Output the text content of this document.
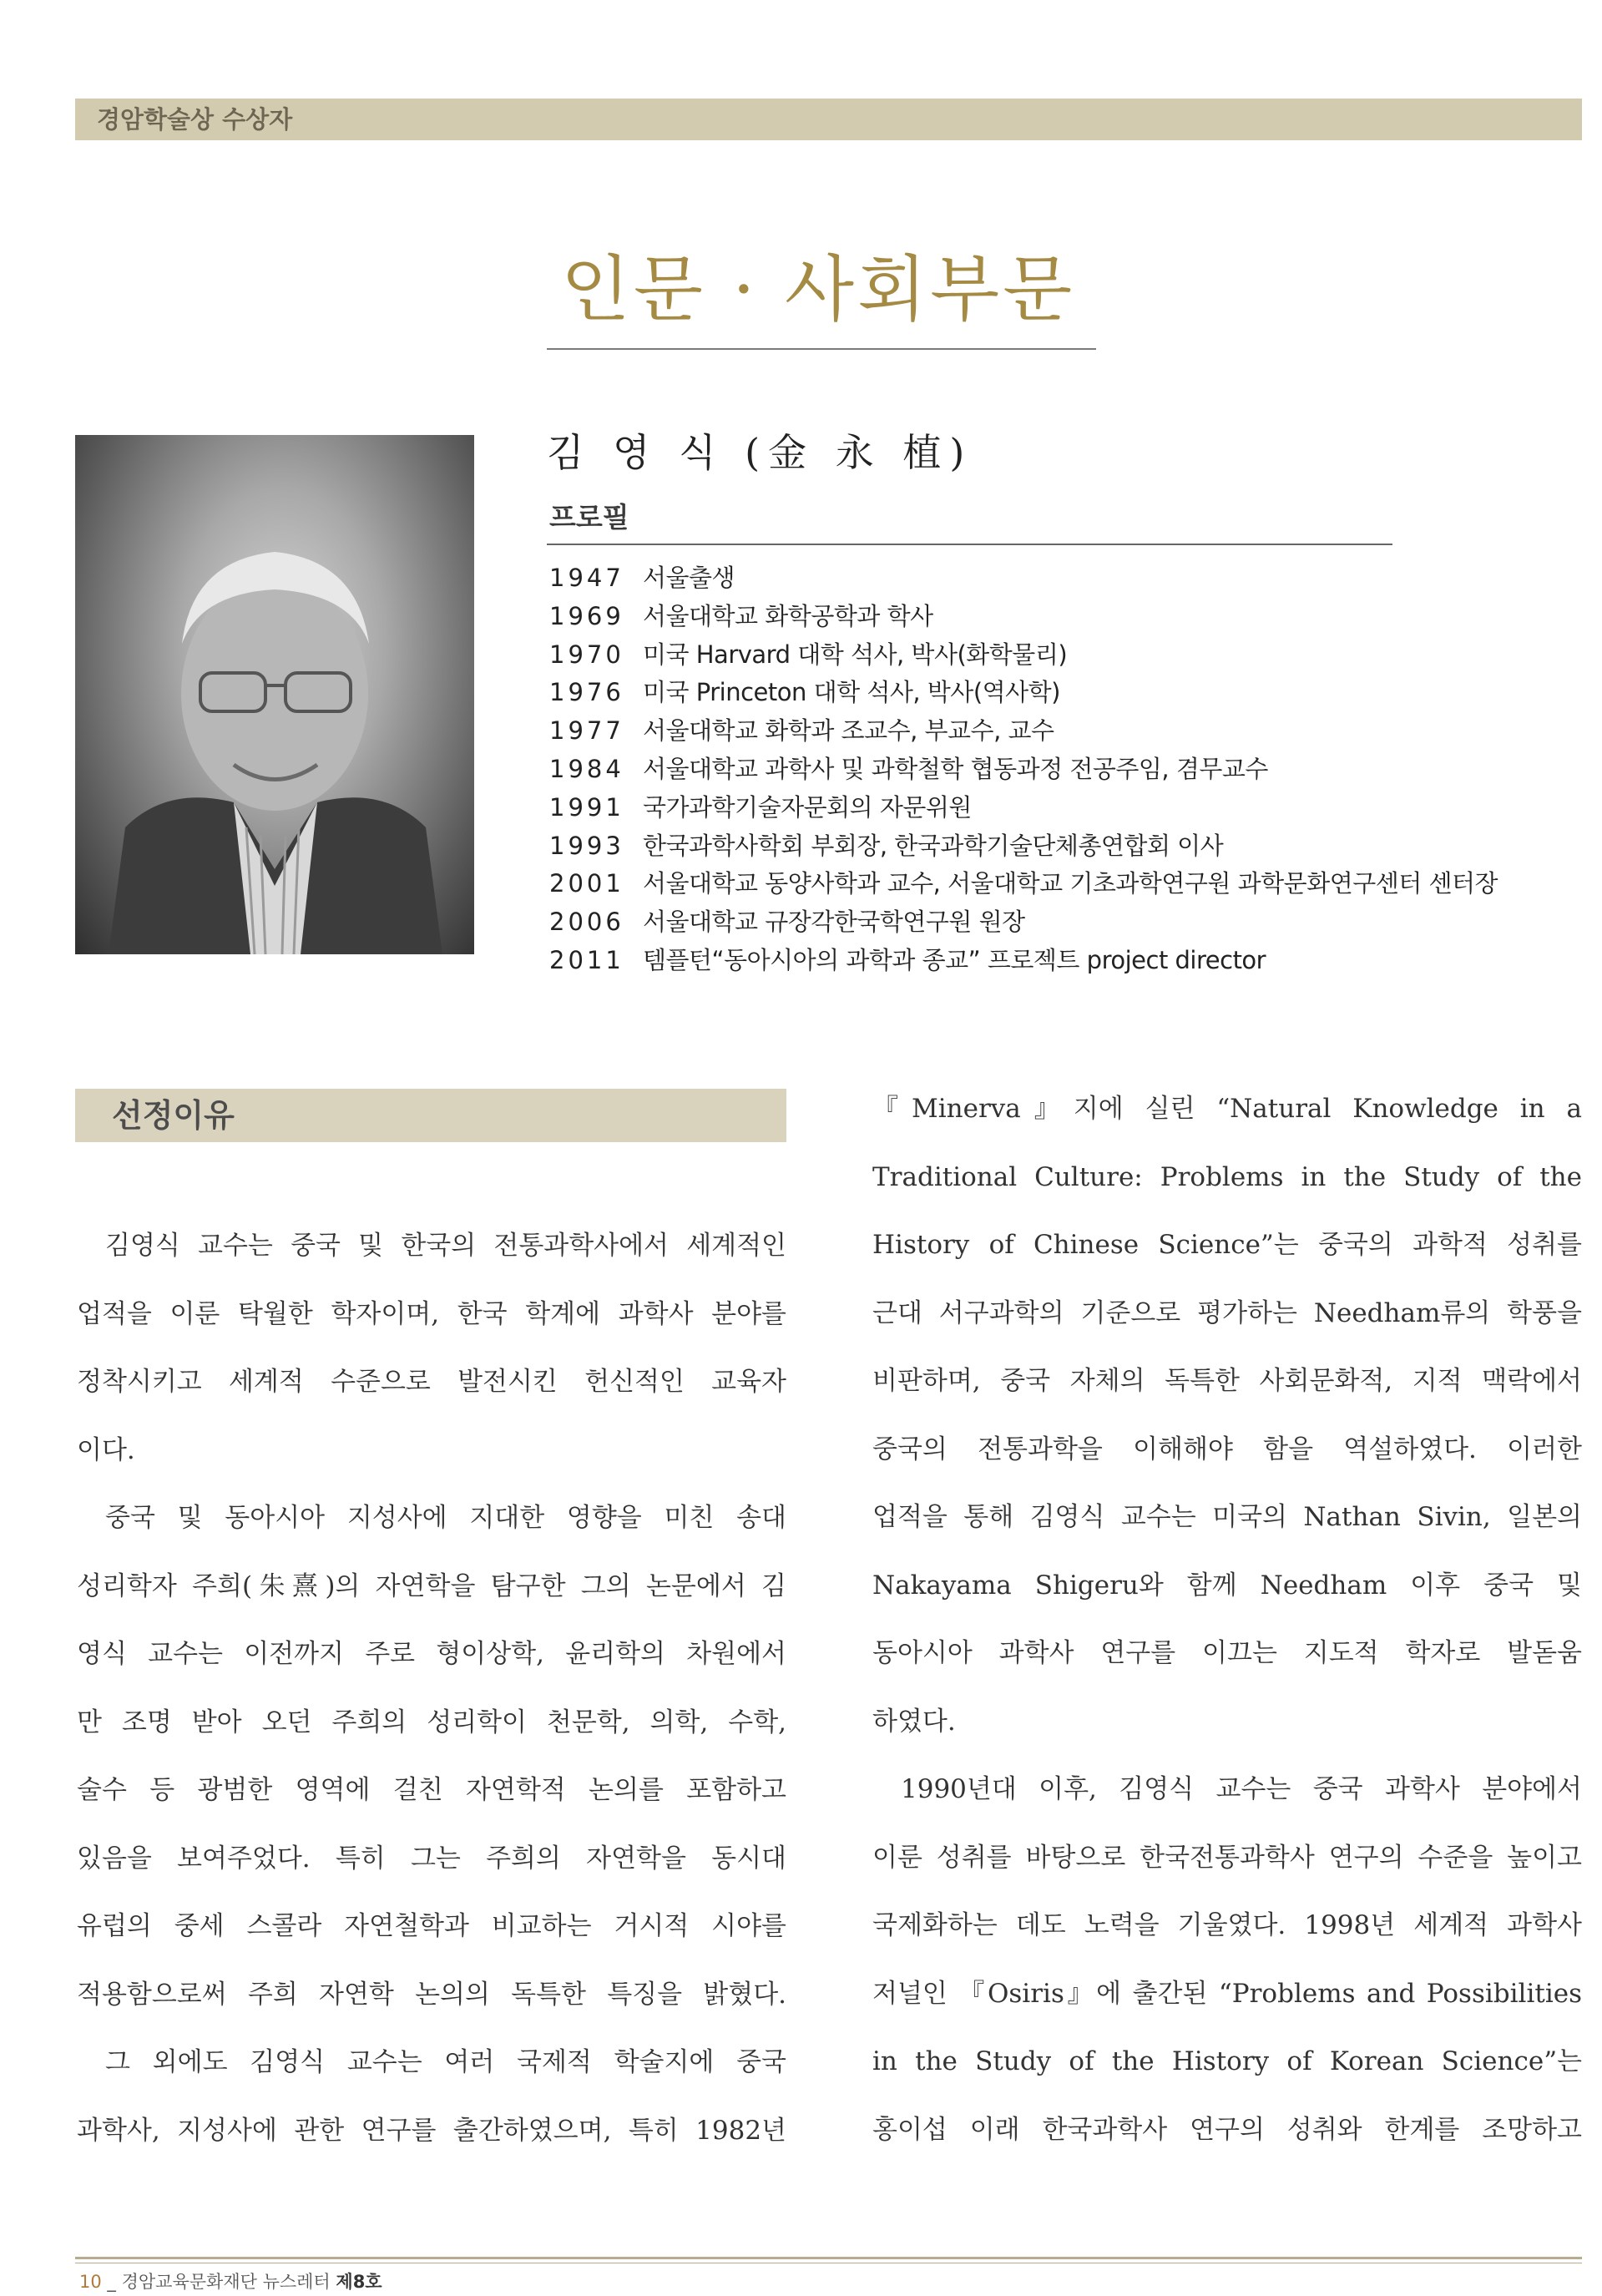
경암학술상 수상자
인문 · 사회부문
김 영 식 (金 永 植)
프로필
1947 서울출생
1969 서울대학교 화학공학과 학사
1970 미국 Harvard 대학 석사, 박사(화학물리)
1976 미국 Princeton 대학 석사, 박사(역사학)
1977 서울대학교 화학과 조교수, 부교수, 교수
1984 서울대학교 과학사 및 과학철학 협동과정 전공주임, 겸무교수
1991 국가과학기술자문회의 자문위원
1993 한국과학사학회 부회장, 한국과학기술단체총연합회 이사
2001 서울대학교 동양사학과 교수, 서울대학교 기초과학연구원 과학문화연구센터 센터장
2006 서울대학교 규장각한국학연구원 원장
2011 템플턴“동아시아의 과학과 종교” 프로젝트 project director
선정이유
김영식 교수는 중국 및 한국의 전통과학사에서 세계적인
업적을 이룬 탁월한 학자이며, 한국 학계에 과학사 분야를
정착시키고 세계적 수준으로 발전시킨 헌신적인 교육자
이다.
중국 및 동아시아 지성사에 지대한 영향을 미친 송대
성리학자 주희(朱熹)의 자연학을 탐구한 그의 논문에서 김
영식 교수는 이전까지 주로 형이상학, 윤리학의 차원에서
만 조명 받아 오던 주희의 성리학이 천문학, 의학, 수학,
술수 등 광범한 영역에 걸친 자연학적 논의를 포함하고
있음을 보여주었다. 특히 그는 주희의 자연학을 동시대
유럽의 중세 스콜라 자연철학과 비교하는 거시적 시야를
적용함으로써 주희 자연학 논의의 독특한 특징을 밝혔다.
그 외에도 김영식 교수는 여러 국제적 학술지에 중국
과학사, 지성사에 관한 연구를 출간하였으며, 특히 1982년
『Minerva』지에 실린 “Natural Knowledge in a
Traditional Culture: Problems in the Study of the
History of Chinese Science”는 중국의 과학적 성취를
근대 서구과학의 기준으로 평가하는 Needham류의 학풍을
비판하며, 중국 자체의 독특한 사회문화적, 지적 맥락에서
중국의 전통과학을 이해해야 함을 역설하였다. 이러한
업적을 통해 김영식 교수는 미국의 Nathan Sivin, 일본의
Nakayama Shigeru와 함께 Needham 이후 중국 및
동아시아 과학사 연구를 이끄는 지도적 학자로 발돋움
하였다.
1990년대 이후, 김영식 교수는 중국 과학사 분야에서
이룬 성취를 바탕으로 한국전통과학사 연구의 수준을 높이고
국제화하는 데도 노력을 기울였다. 1998년 세계적 과학사
저널인 『Osiris』에 출간된 “Problems and Possibilities
in the Study of the History of Korean Science”는
홍이섭 이래 한국과학사 연구의 성취와 한계를 조망하고
10 _ 경암교육문화재단 뉴스레터 제8호
